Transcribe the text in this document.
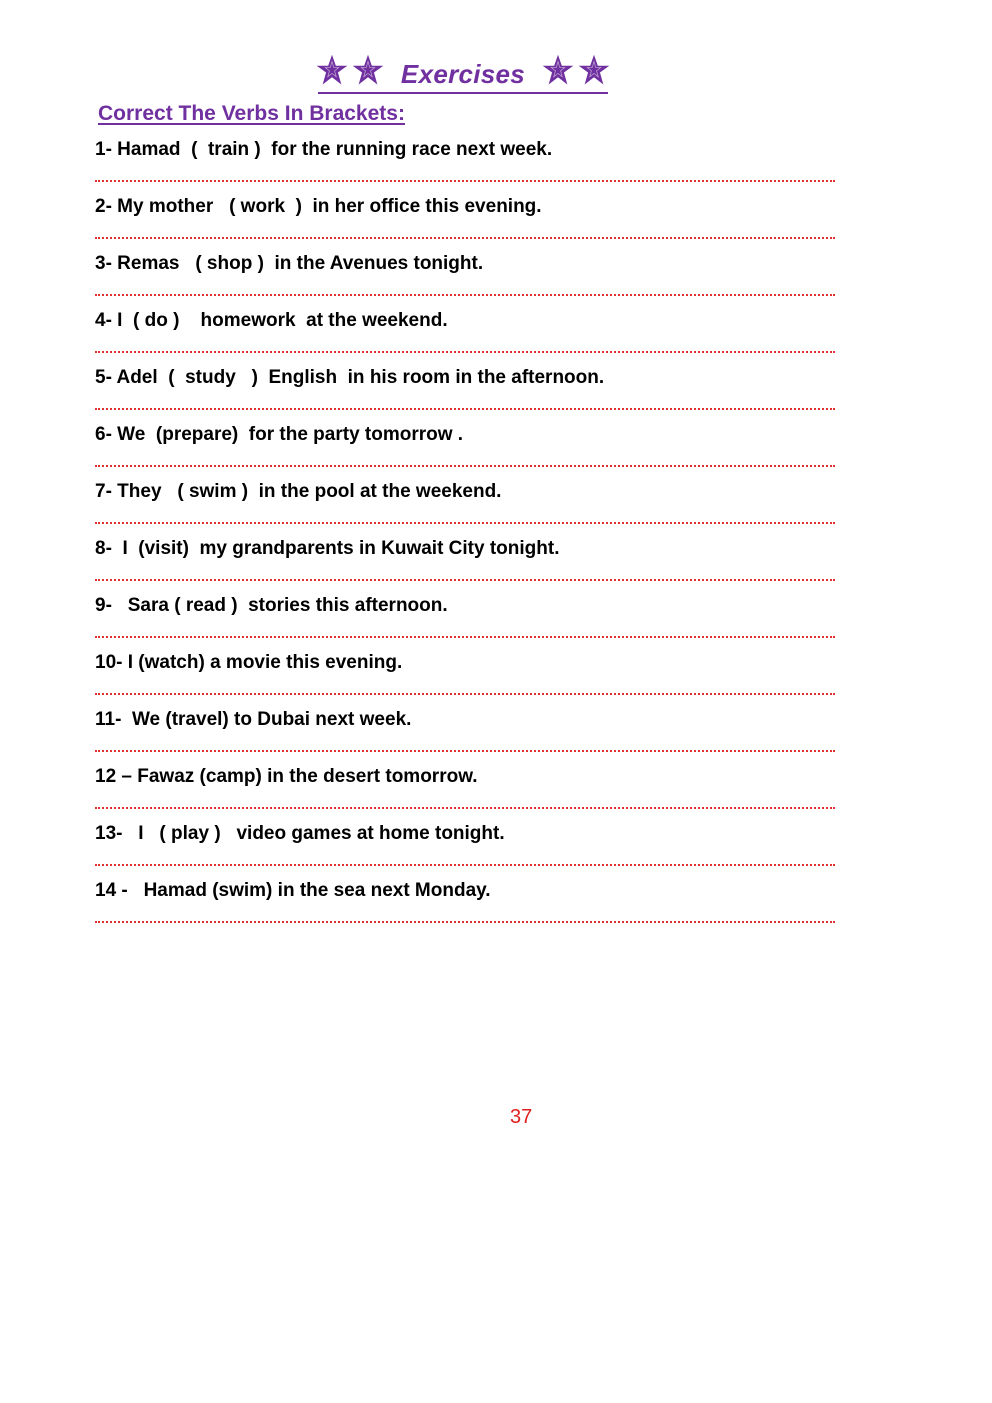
Exercises
Correct The Verbs In Brackets:
1- Hamad  (  train )  for the running race next week.
2- My mother   ( work  )  in her office this evening.
3- Remas   ( shop )  in the Avenues tonight.
4- I  ( do )    homework  at the weekend.
5- Adel  (  study   )  English  in his room in the afternoon.
6- We  (prepare)  for the party tomorrow .
7- They   ( swim )  in the pool at the weekend.
8-  I  (visit)  my grandparents in Kuwait City tonight.
9-   Sara ( read )  stories this afternoon.
10- I (watch) a movie this evening.
11-  We (travel) to Dubai next week.
12 – Fawaz (camp) in the desert tomorrow.
13-   I   ( play )   video games at home tonight.
14 -   Hamad (swim) in the sea next Monday.
37
